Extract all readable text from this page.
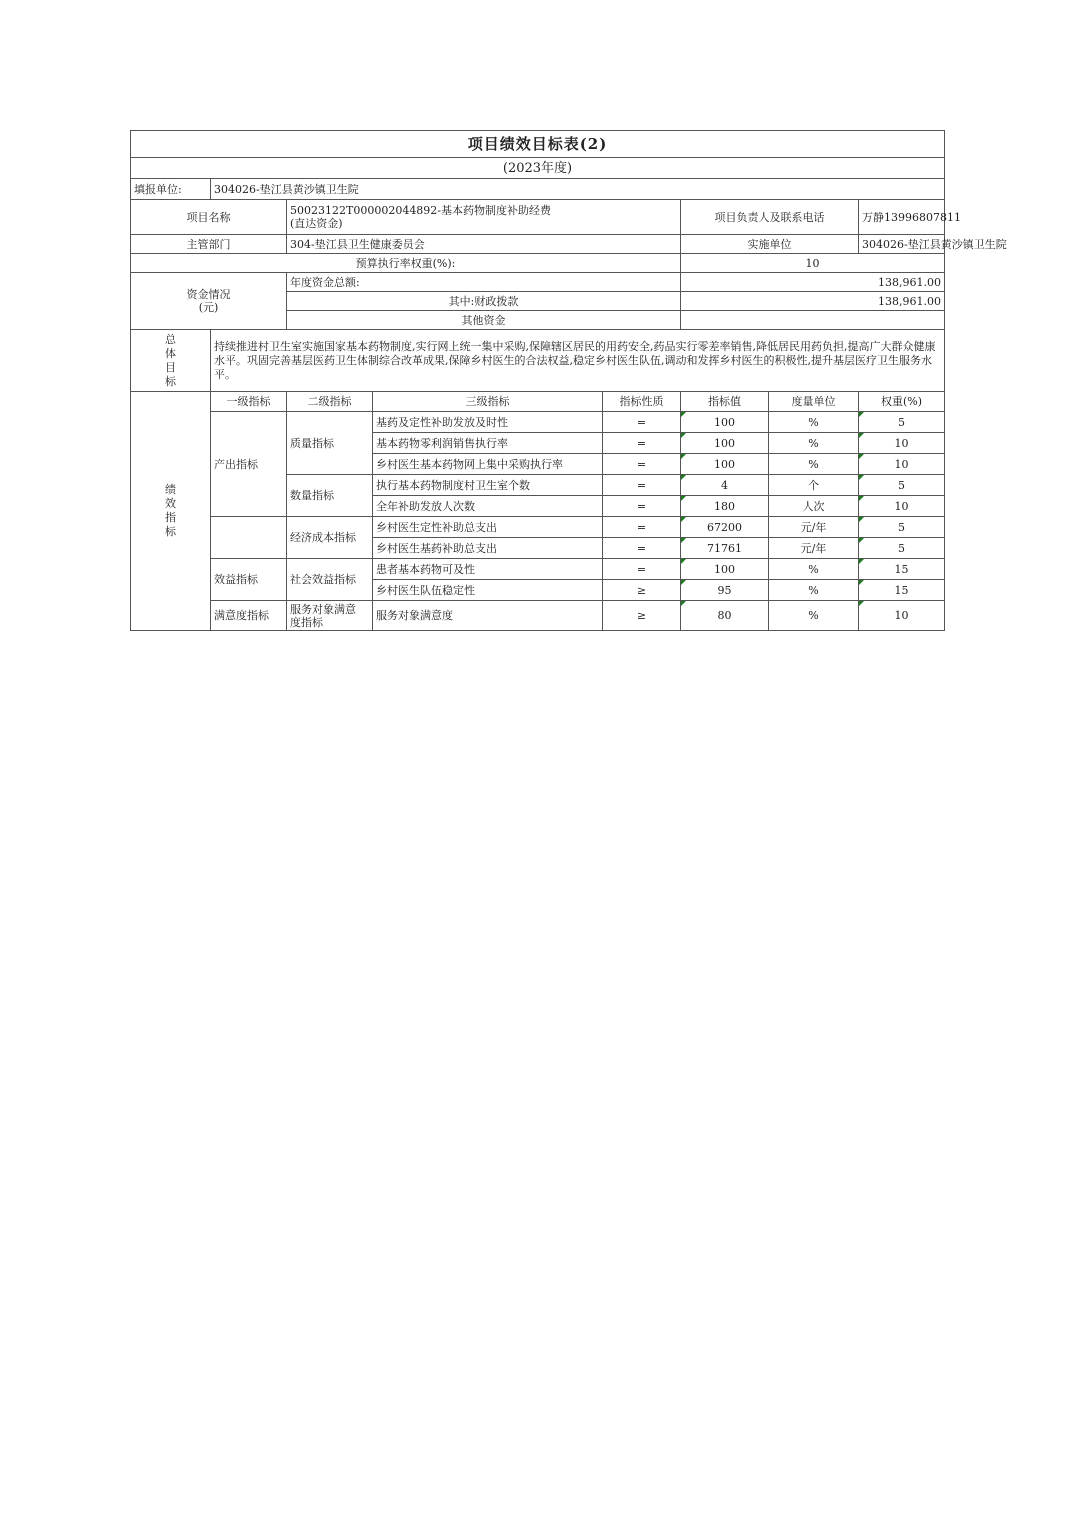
项目绩效目标表(2)							
(2023年度)							
填报单位:	304026-垫江县黄沙镇卫生院						
项目名称		50023122T000002044892-基本药物制度补助经费
(直达资金)			项目负责人及联系电话		万静13996807811
主管部门		304-垫江县卫生健康委员会			实施单位		304026-垫江县黄沙镇卫生院
预算执行率权重(%):					10		

资金情况
(元)		年度资金总额:			138,961.00		
		其中:财政拨款			138,961.00		
		其他资金					
总体目标	持续推进村卫生室实施国家基本药物制度,实行网上统一集中采购,保障辖区居民的用药安全,药品实行零差率销售,降低居民用药负担,提高广大群众健康水平。巩固完善基层医药卫生体制综合改革成果,保障乡村医生的合法权益,稳定乡村医生队伍,调动和发挥乡村医生的积极性,提升基层医疗卫生服务水平。						
绩效指标	一级指标	二级指标	三级指标	指标性质	指标值	度量单位	权重(%)
	产出指标	质量指标	基药及定性补助发放及时性	=	100	%	5
			基本药物零利润销售执行率	=	100	%	10
			乡村医生基本药物网上集中采购执行率	=	100	%	10
		数量指标	执行基本药物制度村卫生室个数	=	4	个	5
			全年补助发放人次数	=	180	人次	10
		经济成本指标	乡村医生定性补助总支出	=	67200	元/年	5
			乡村医生基药补助总支出	=	71761	元/年	5
	效益指标	社会效益指标	患者基本药物可及性	=	100	%	15
			乡村医生队伍稳定性	≥	95	%	15
	满意度指标	服务对象满意
度指标	服务对象满意度	≥	80	%	10
